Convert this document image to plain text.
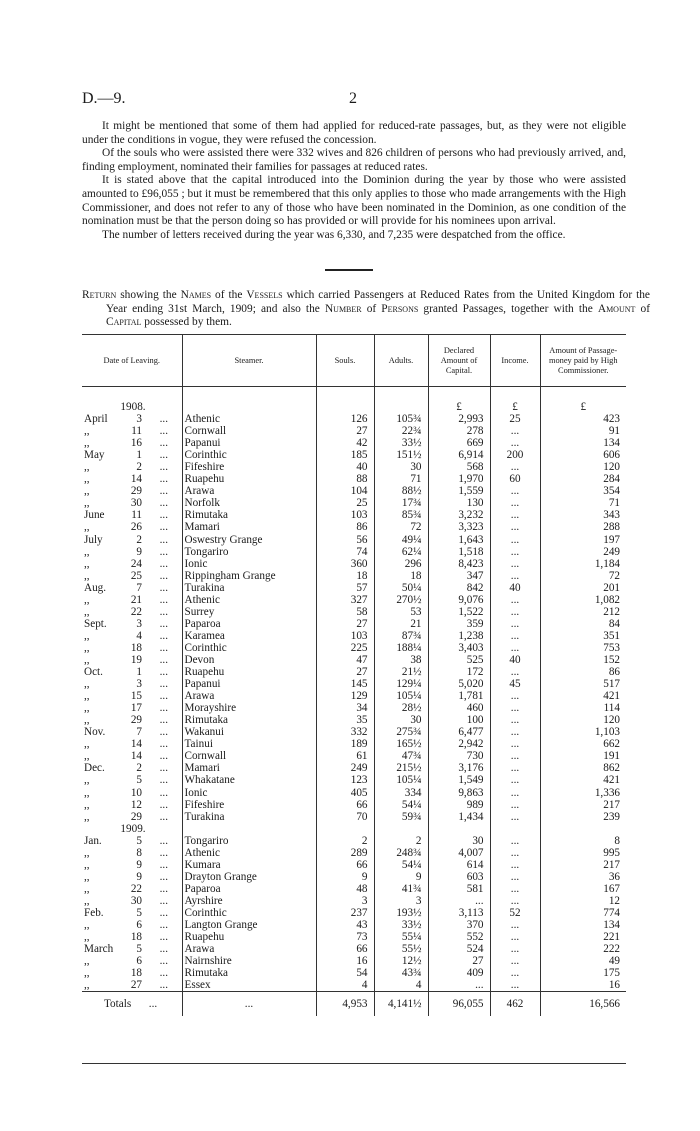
D.—9.	2

It might be mentioned that some of them had applied for reduced-rate passages, but, as they were not eligible under the conditions in vogue, they were refused the concession.

Of the souls who were assisted there were 332 wives and 826 children of persons who had previously arrived, and, finding employment, nominated their families for passages at reduced rates.

It is stated above that the capital introduced into the Dominion during the year by those who were assisted amounted to £96,055 ; but it must be remembered that this only applies to those who made arrangements with the High Commissioner, and does not refer to any of those who have been nominated in the Dominion, as one condition of the nomination must be that the person doing so has provided or will provide for his nominees upon arrival.

The number of letters received during the year was 6,330, and 7,235 were despatched from the office.

Return showing the Names of the Vessels which carried Passengers at Reduced Rates from the United Kingdom for the Year ending 31st March, 1909; and also the Number of Persons granted Passages, together with the Amount of Capital possessed by them.
Date of Leaving.	Steamer.	Souls.	Adults.	Declared Amount of Capital.	Income.	Amount of Passage-money paid by High Commissioner.
1908.				£	£	£
April 3 ...	Athenic	126	105¾	2,993	25	423
,, 11 ...	Cornwall	27	22¾	278	...	91
,, 16 ...	Papanui	42	33½	669	...	134
May 1 ...	Corinthic	185	151½	6,914	200	606
,, 2 ...	Fifeshire	40	30	568	...	120
,, 14 ...	Ruapehu	88	71	1,970	60	284
,, 29 ...	Arawa	104	88½	1,559	...	354
,, 30 ...	Norfolk	25	17¾	130	...	71
June 11 ...	Rimutaka	103	85¾	3,232	...	343
,, 26 ...	Mamari	86	72	3,323	...	288
July 2 ...	Oswestry Grange	56	49¼	1,643	...	197
,, 9 ...	Tongariro	74	62¼	1,518	...	249
,, 24 ...	Ionic	360	296	8,423	...	1,184
,, 25 ...	Rippingham Grange	18	18	347	...	72
Aug. 7 ...	Turakina	57	50¼	842	40	201
,, 21 ...	Athenic	327	270½	9,076	...	1,082
,, 22 ...	Surrey	58	53	1,522	...	212
Sept. 3 ...	Paparoa	27	21	359	...	84
,, 4 ...	Karamea	103	87¾	1,238	...	351
,, 18 ...	Corinthic	225	188¼	3,403	...	753
,, 19 ...	Devon	47	38	525	40	152
Oct. 1 ...	Ruapehu	27	21½	172	...	86
,, 3 ...	Papanui	145	129¼	5,020	45	517
,, 15 ...	Arawa	129	105¼	1,781	...	421
,, 17 ...	Morayshire	34	28½	460	...	114
,, 29 ...	Rimutaka	35	30	100	...	120
Nov. 7 ...	Wakanui	332	275¾	6,477	...	1,103
,, 14 ...	Tainui	189	165½	2,942	...	662
,, 14 ...	Cornwall	61	47¾	730	...	191
Dec. 2 ...	Mamari	249	215½	3,176	...	862
,, 5 ...	Whakatane	123	105¼	1,549	...	421
,, 10 ...	Ionic	405	334	9,863	...	1,336
,, 12 ...	Fifeshire	66	54¼	989	...	217
,, 29 ...	Turakina	70	59¾	1,434	...	239
1909.						
Jan. 5 ...	Tongariro	2	2	30	...	8
,, 8 ...	Athenic	289	248¾	4,007	...	995
,, 9 ...	Kumara	66	54¼	614	...	217
,, 9 ...	Drayton Grange	9	9	603	...	36
,, 22 ...	Paparoa	48	41¾	581	...	167
,, 30 ...	Ayrshire	3	3	...	...	12
Feb. 5 ...	Corinthic	237	193½	3,113	52	774
,, 6 ...	Langton Grange	43	33½	370	...	134
,, 18 ...	Ruapehu	73	55¼	552	...	221
March 5 ...	Arawa	66	55½	524	...	222
,, 6 ...	Nairnshire	16	12½	27	...	49
,, 18 ...	Rimutaka	54	43¾	409	...	175
,, 27 ...	Essex	4	4	...	...	16
Totals ...	...	4,953	4,141½	96,055	462	16,566
